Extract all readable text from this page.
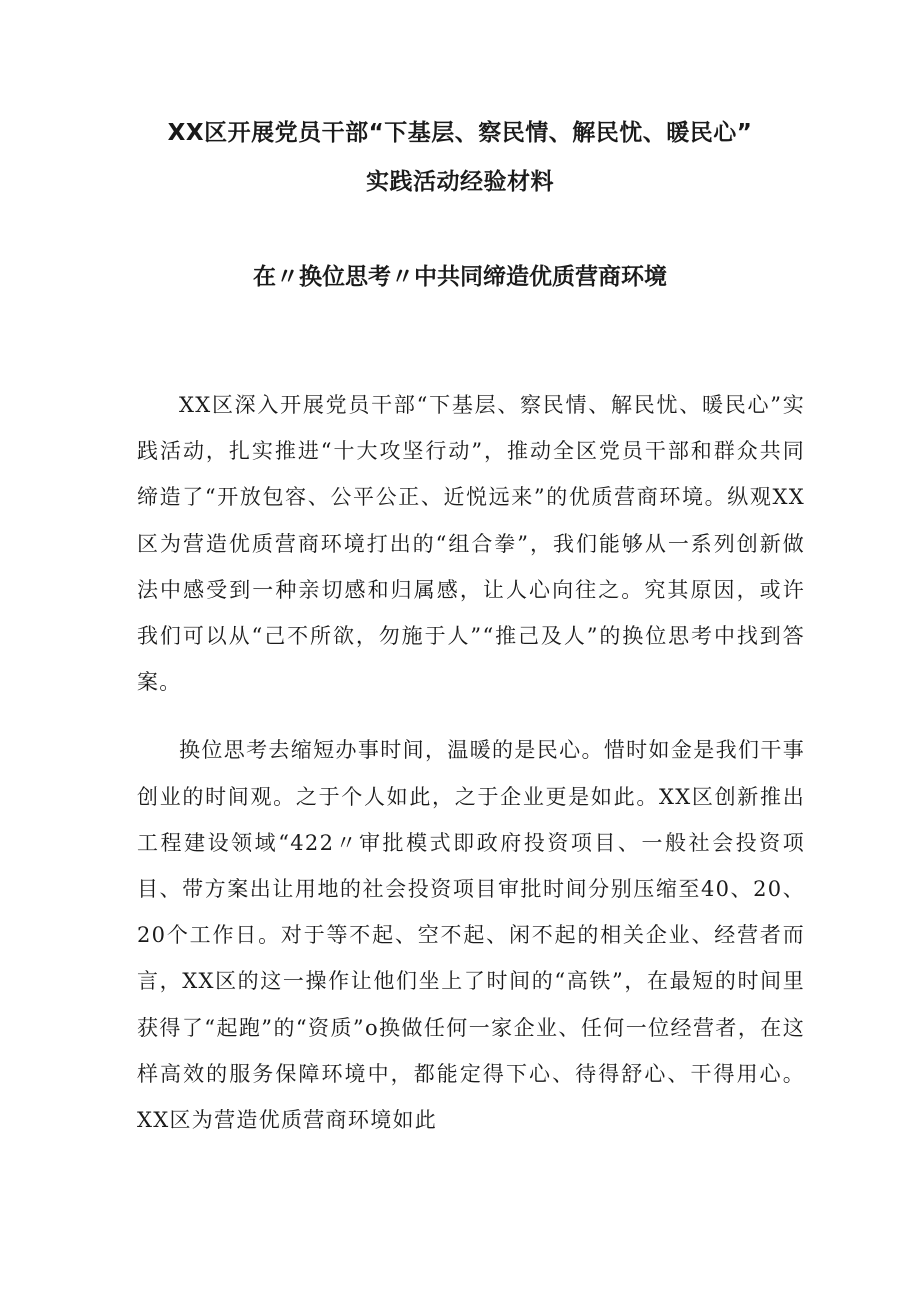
XX区开展党员干部“下基层、察民情、解民忧、暖民心”
实践活动经验材料
在〃换位思考〃中共同缔造优质营商环境

XX区深入开展党员干部“下基层、察民情、解民忧、暖民心”实践活动，扎实推进“十大攻坚行动”，推动全区党员干部和群众共同缔造了“开放包容、公平公正、近悦远来”的优质营商环境。纵观XX区为营造优质营商环境打出的“组合拳”，我们能够从一系列创新做法中感受到一种亲切感和归属感，让人心向往之。究其原因，或许我们可以从“己不所欲，勿施于人”“推己及人”的换位思考中找到答案。

换位思考去缩短办事时间，温暖的是民心。惜时如金是我们干事创业的时间观。之于个人如此，之于企业更是如此。XX区创新推出工程建设领域“422〃审批模式即政府投资项目、一般社会投资项目、带方案出让用地的社会投资项目审批时间分别压缩至40、20、20个工作日。对于等不起、空不起、闲不起的相关企业、经营者而言，XX区的这一操作让他们坐上了时间的“高铁”，在最短的时间里获得了“起跑”的“资质”o换做任何一家企业、任何一位经营者，在这样高效的服务保障环境中，都能定得下心、待得舒心、干得用心。XX区为营造优质营商环境如此
